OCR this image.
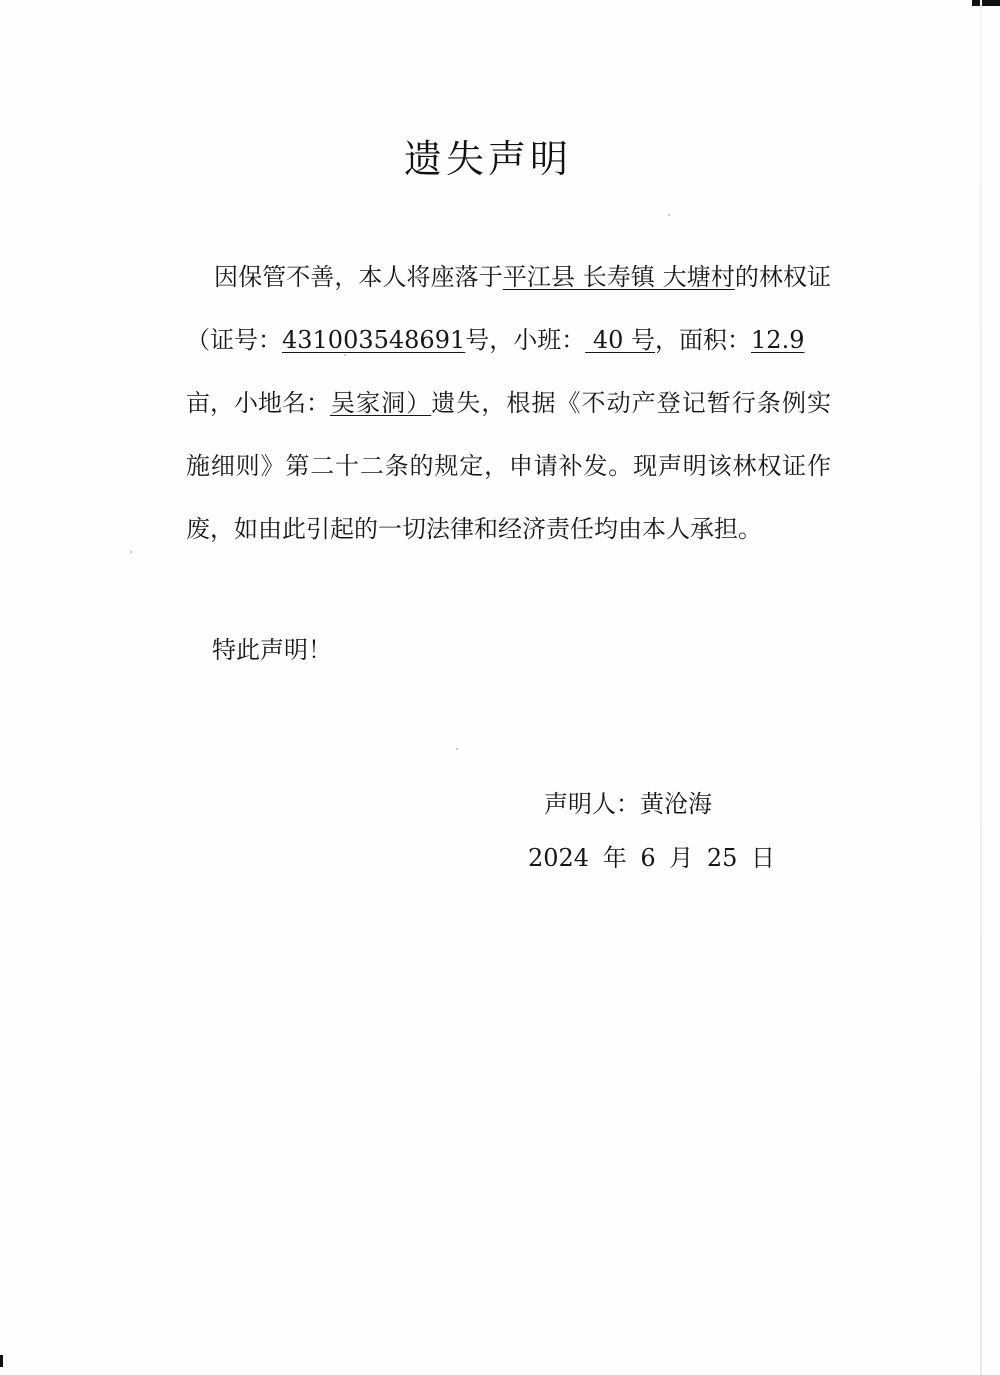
遗失声明
因保管不善，本人将座落于平江县 长寿镇 大塘村的林权证（证号：431003548691号，小班： 40 号，面积：12.9
亩，小地名：吴家洞）遗失，根据《不动产登记暂行条例实施细则》第二十二条的规定，申请补发。现声明该林权证作废，如由此引起的一切法律和经济责任均由本人承担。
特此声明！
声明人：黄沧海
2024 年 6 月 25 日
